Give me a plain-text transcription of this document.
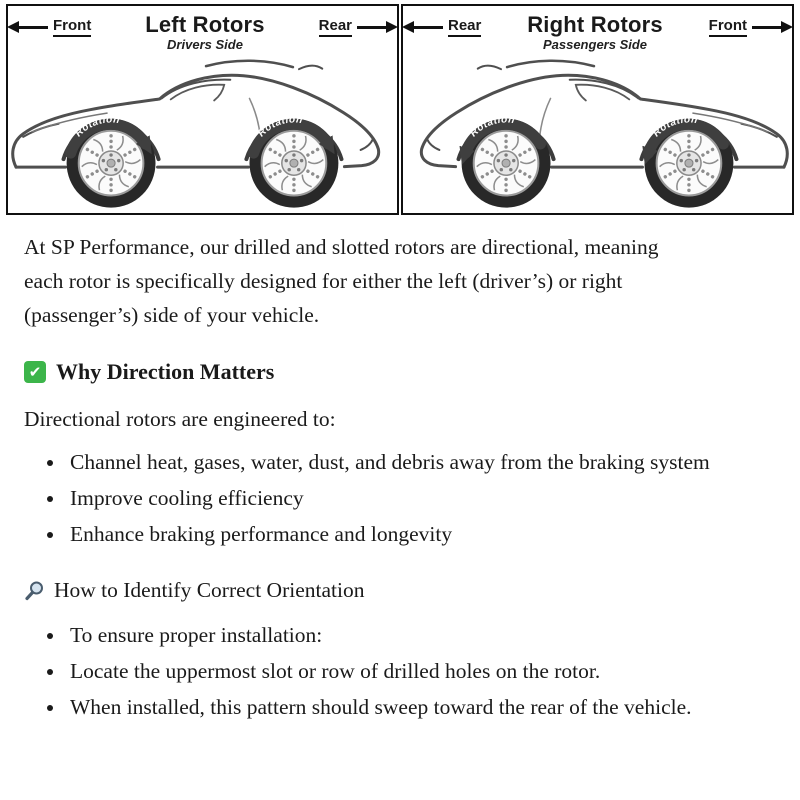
Front Left Rotors
Drivers Side
Rear
Rotation
Rotation
Rear Right Rotors
Passengers Side
Front
Rotation
Rotation

At SP Performance, our drilled and slotted rotors are directional, meaning each rotor is specifically designed for either the left (driver’s) or right (passenger’s) side of your vehicle.

✔
Why Direction Matters

Directional rotors are engineered to:

• Channel heat, gases, water, dust, and debris away from the braking system
• Improve cooling efficiency
• Enhance braking performance and longevity
How to Identify Correct Orientation
• To ensure proper installation:
• Locate the uppermost slot or row of drilled holes on the rotor.
• When installed, this pattern should sweep toward the rear of the vehicle.
